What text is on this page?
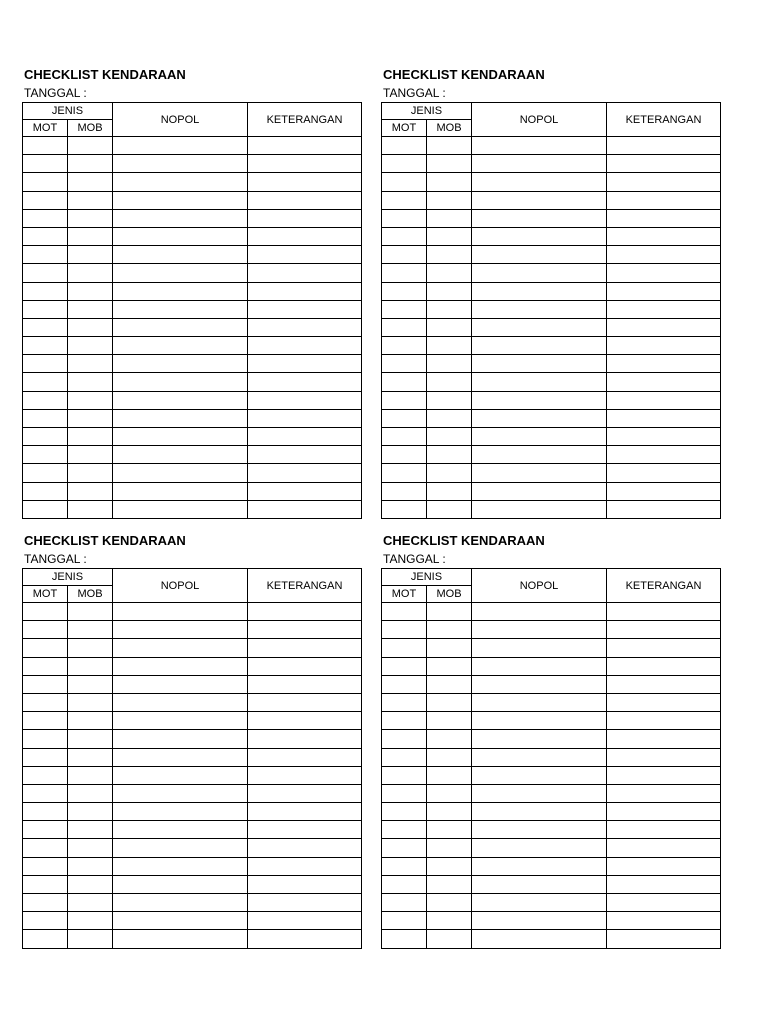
CHECKLIST KENDARAAN
TANGGAL :
JENIS		NOPOL	KETERANGAN
MOT	MOB		

CHECKLIST KENDARAAN
TANGGAL :
JENIS		NOPOL	KETERANGAN
MOT	MOB		

CHECKLIST KENDARAAN
TANGGAL :
JENIS		NOPOL	KETERANGAN
MOT	MOB		

CHECKLIST KENDARAAN
TANGGAL :
JENIS		NOPOL	KETERANGAN
MOT	MOB		
